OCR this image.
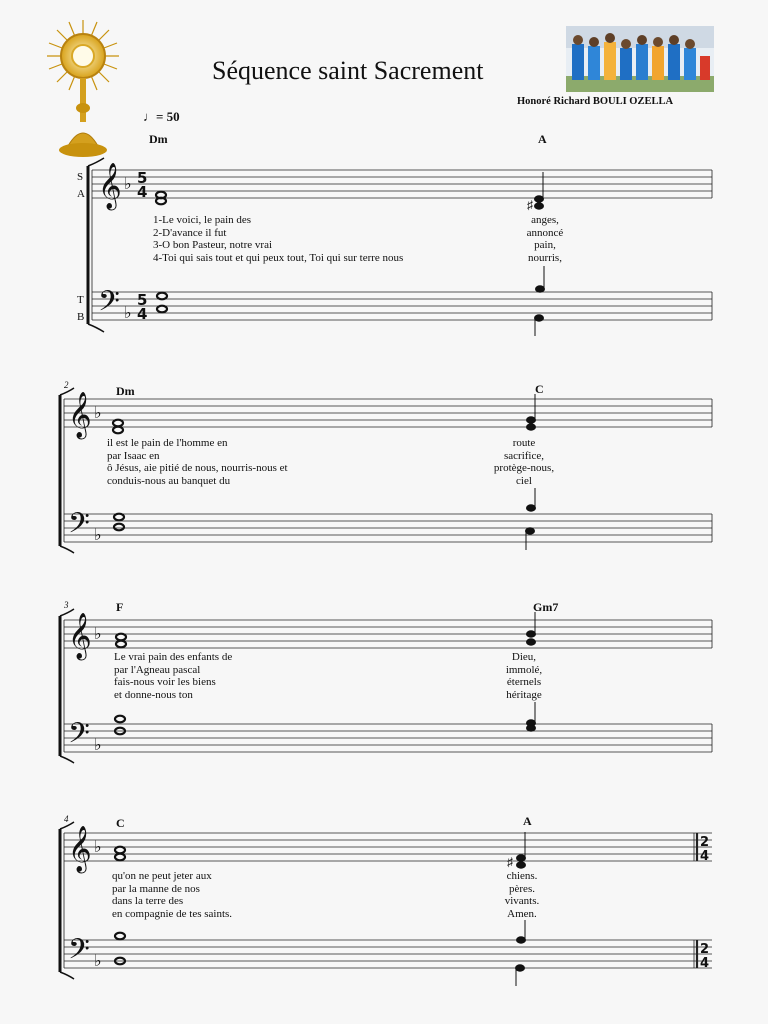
Séquence saint Sacrement
Honoré Richard BOULI OZELLA
♩= 50
Dm	A
S
A
T
B
1-Le voici, le pain des
2-D'avance il fut
3-O bon Pasteur, notre vrai
4-Toi qui sais tout et qui peux tout, Toi qui sur terre nous
anges,
annoncé
pain,
nourris,
2	Dm	C
il est le pain de l'homme en
par Isaac en
ô Jésus, aie pitié de nous, nourris-nous et
conduis-nous au banquet du
route
sacrifice,
protège-nous,
ciel
3	F	Gm7
Le vrai pain des enfants de
par l'Agneau pascal
fais-nous voir les biens
et donne-nous ton
Dieu,
immolé,
éternels
héritage
4	C	A
qu'on ne peut jeter aux
par la manne de nos
dans la terre des
en compagnie de tes saints.
chiens.
pères.
vivants.
Amen.
𝄞
𝄢
♭
♭
5
4
5
4
𝄞
𝄢
♭
♭
𝄞
𝄢
♭
♭
𝄞
𝄢
♭
♭
2
4
2
4
♯
♯
